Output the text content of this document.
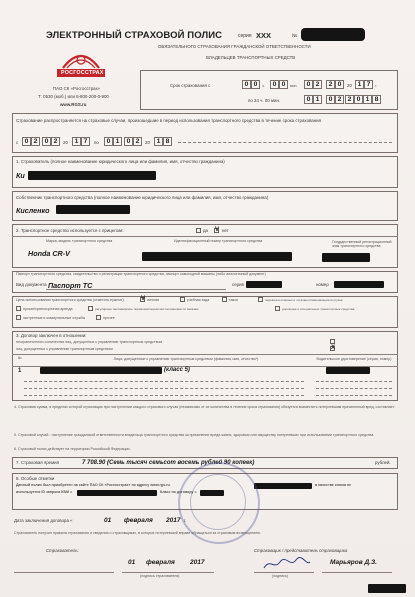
ЭЛЕКТРОННЫЙ СТРАХОВОЙ ПОЛИС	серия XXX	№
ОБЯЗАТЕЛЬНОГО СТРАХОВАНИЯ ГРАЖДАНСКОЙ ОТВЕТСТВЕННОСТИ
ВЛАДЕЛЬЦЕВ ТРАНСПОРТНЫХ СРЕДСТВ
РОСГОССТРАХ
ПАО СК «Росгосстрах»
Т: 0530 (моб.) или 8-800-200-0-900
www.RGS.ru
Срок страхования с	0 0	ч.	0 0	мин.	0 2	2 0	20 1 7	г.
по 24 ч. 00 мин.	0 1	0 2 2 0 1 8
Страхование распространяется на страховые случаи, произошедшие в период использования транспортного средства в течение срока страхования
с 0 2	0 2	20 1 7	по	0 1	0 2	20 1 8
1. Страхователь (полное наименование юридического лица или фамилия, имя, отчество гражданина)
Ки
Собственник транспортного средства (полное наименование юридического лица или фамилия, имя, отчество гражданина)
Кисленко
2. Транспортное средство используется с прицепом:	да V нет
Марка, модель транспортного средства
Honda CR-V
Идентификационный номер транспортного средства	Государственный регистрационный знак транспортного средства
Паспорт транспортного средства, свидетельство о регистрации транспортного средства, паспорт самоходной машины (либо аналогичный документ)
Вид документа Паспорт ТС	серия	номер
Цель использования транспортного средства (отметить нужное):	V личная	учебная езда	такси	перевозка опасных и легковоспламеняющихся грузов
прокат/краткосрочная аренда	регулярные пассажирские перевозки/перевозки пассажиров по заказам	дорожные и специальные транспортные средства
экстренные и коммунальные службы	прочее
3. Договор заключен в отношении:
неограниченного количества лиц, допущенных к управлению транспортным средством
лиц, допущенных к управлению транспортным средством	X
№	Лица, допущенные к управлению транспортным средством (фамилия, имя, отчество*)	Водительское удостоверение (серия, номер)
1	(класс 5)
4. Страховая сумма, в пределах которой страховщик при наступлении каждого страхового случая (независимо от их количества в течение срока страхования) обязуется возместить потерпевшим причиненный вред, составляет:
5. Страховой случай - наступление гражданской ответственности владельца транспортного средства за причинение вреда жизни, здоровью или имуществу потерпевших при использовании транспортного средства.
6. Страховой полис действует на территории Российской Федерации.
7. Страховая премия	7 708.90 (Семь тысяч семьсот восемь рублей 90 копеек)	рублей.
8. Особые отметки
Данный полис был приобретен на сайте ПАО СК «Росгосстрах» по адресу www.rgs.ru.	в качестве ключа не
используется ID запроса КБМ =	Класс по договору =
Дата заключения договора «	01 февраля 2017 г.
Страхователь получил правила страхования и сведения о страховщиках, в которых потерпевший вправе обращаться за страховым возмещением.
Страхователь:	Страховщик / представитель страховщика
01 февраля 2017
(подпись страхователя)
Марьяров Д.З.
(подпись)
